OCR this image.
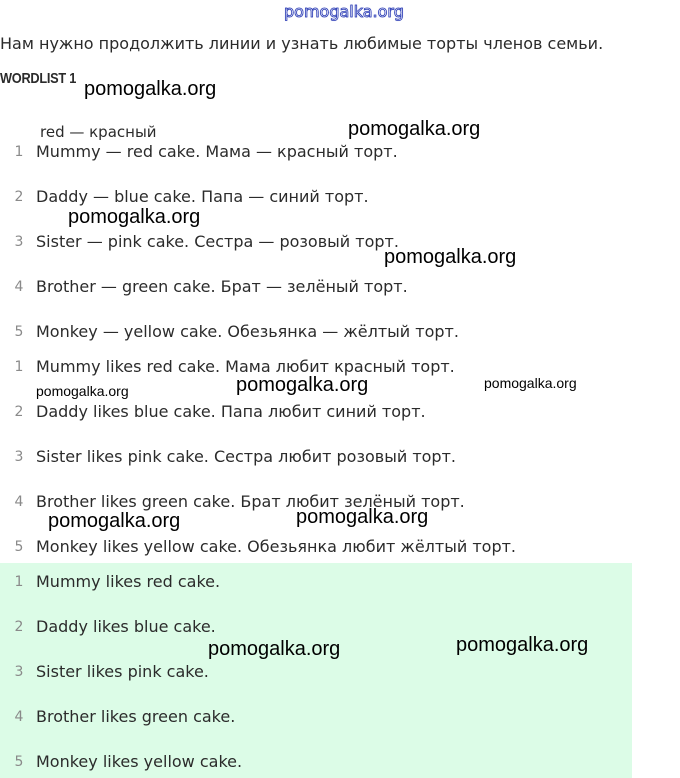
pomogalka.org
Нам нужно продолжить линии и узнать любимые торты членов семьи.
WORDLIST 1
red — красный
1 Mummy — red cake. Мама — красный торт.
2 Daddy — blue cake. Папа — синий торт.
3 Sister — pink cake. Сестра — розовый торт.
4 Brother — green cake. Брат — зелёный торт.
5 Monkey — yellow cake. Обезьянка — жёлтый торт.
1 Mummy likes red cake. Мама любит красный торт.
2 Daddy likes blue cake. Папа любит синий торт.
3 Sister likes pink cake. Сестра любит розовый торт.
4 Brother likes green cake. Брат любит зелёный торт.
5 Monkey likes yellow cake. Обезьянка любит жёлтый торт.
1 Mummy likes red cake.
2 Daddy likes blue cake.
3 Sister likes pink cake.
4 Brother likes green cake.
5 Monkey likes yellow cake.
pomogalka.org
pomogalka.org
pomogalka.org
pomogalka.org
pomogalka.org	pomogalka.org	pomogalka.org
pomogalka.org	pomogalka.org
pomogalka.org	pomogalka.org
